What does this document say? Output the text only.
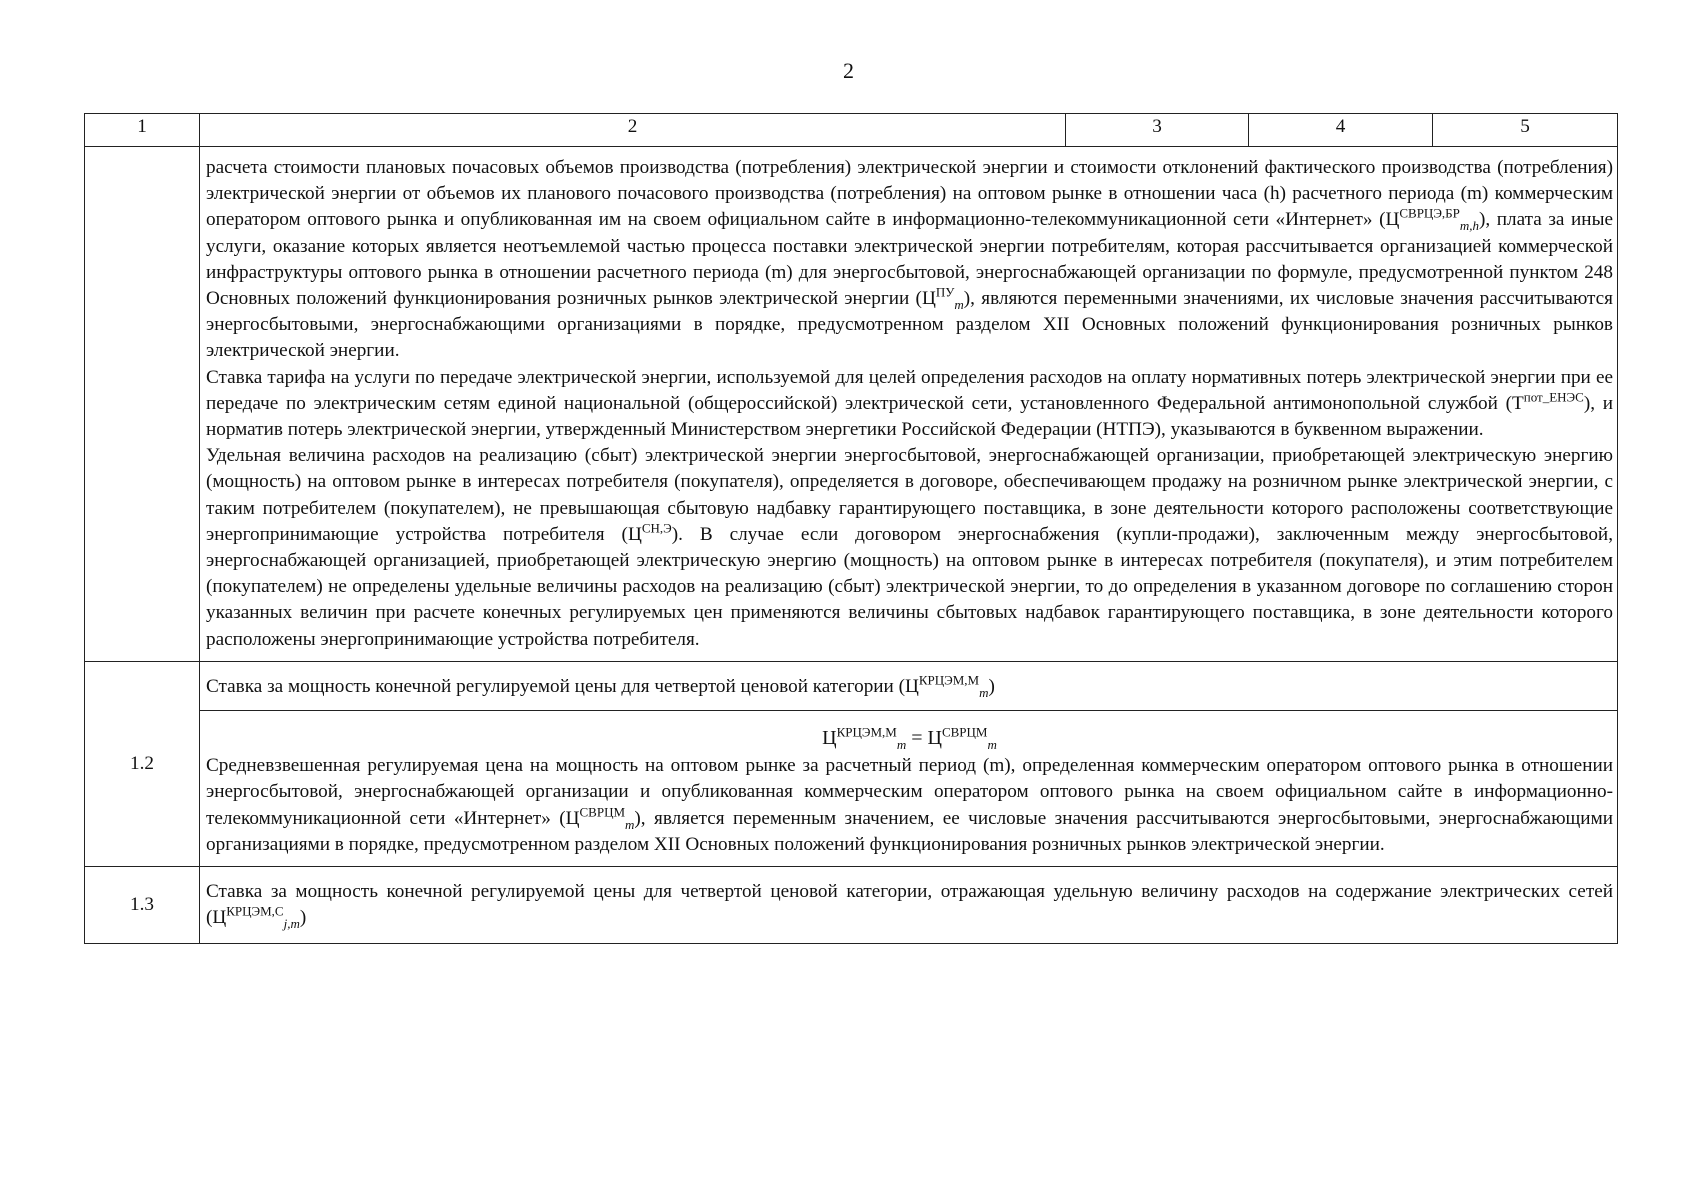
2
1	2	3	4	5

	расчета стоимости плановых почасовых объемов производства (потребления) электрической энергии и стоимости отклонений фактического производства (потребления) электрической энергии от объемов их планового почасового производства (потребления) на оптовом рынке в отношении часа (h) расчетного периода (m) коммерческим оператором оптового рынка и опубликованная им на своем официальном сайте в информационно-телекоммуникационной сети «Интернет» $(Ц^{СВРЦЭ,БР}_{m,h})$, плата за иные услуги, оказание которых является неотъемлемой частью процесса поставки электрической энергии потребителям, которая рассчитывается организацией коммерческой инфраструктуры оптового рынка в отношении расчетного периода (m) для энергосбытовой, энергоснабжающей организации по формуле, предусмотренной пунктом 248 Основных положений функционирования розничных рынков электрической энергии $(Ц^{ПУ}_m)$, являются переменными значениями, их числовые значения рассчитываются энергосбытовыми, энергоснабжающими организациями в порядке, предусмотренном разделом XII Основных положений функционирования розничных рынков электрической энергии.

Ставка тарифа на услуги по передаче электрической энергии, используемой для целей определения расходов на оплату нормативных потерь электрической энергии при ее передаче по электрическим сетям единой национальной (общероссийской) электрической сети, установленного Федеральной антимонопольной службой $(Т^{пот\_ЕНЭС})$, и норматив потерь электрической энергии, утвержденный Министерством энергетики Российской Федерации (НТПЭ), указываются в буквенном выражении.

Удельная величина расходов на реализацию (сбыт) электрической энергии энергосбытовой, энергоснабжающей организации, приобретающей электрическую энергию (мощность) на оптовом рынке в интересах потребителя (покупателя), определяется в договоре, обеспечивающем продажу на розничном рынке электрической энергии, с таким потребителем (покупателем), не превышающая сбытовую надбавку гарантирующего поставщика, в зоне деятельности которого расположены соответствующие энергопринимающие устройства потребителя $(Ц^{СН,Э})$. В случае если договором энергоснабжения (купли-продажи), заключенным между энергосбытовой, энергоснабжающей организацией, приобретающей электрическую энергию (мощность) на оптовом рынке в интересах потребителя (покупателя), и этим потребителем (покупателем) не определены удельные величины расходов на реализацию (сбыт) электрической энергии, то до определения в указанном договоре по соглашению сторон указанных величин при расчете конечных регулируемых цен применяются величины сбытовых надбавок гарантирующего поставщика, в зоне деятельности которого расположены энергопринимающие устройства потребителя.			

1.2	Ставка за мощность конечной регулируемой цены для четвертой ценовой категории $(Ц^{КРЦЭМ,М}_m)$			

	$Ц^{КРЦЭМ,М}_m = Ц^{СВРЦМ}_m$

Средневзвешенная регулируемая цена на мощность на оптовом рынке за расчетный период (m), определенная коммерческим оператором оптового рынка в отношении энергосбытовой, энергоснабжающей организации и опубликованная коммерческим оператором оптового рынка на своем официальном сайте в информационно-телекоммуникационной сети «Интернет» $(Ц^{СВРЦМ}_m)$, является переменным значением, ее числовые значения рассчитываются энергосбытовыми, энергоснабжающими организациями в порядке, предусмотренном разделом XII Основных положений функционирования розничных рынков электрической энергии.			

1.3	Ставка за мощность конечной регулируемой цены для четвертой ценовой категории, отражающая удельную величину расходов на содержание электрических сетей $(Ц^{КРЦЭМ,С}_{j,m})$			
